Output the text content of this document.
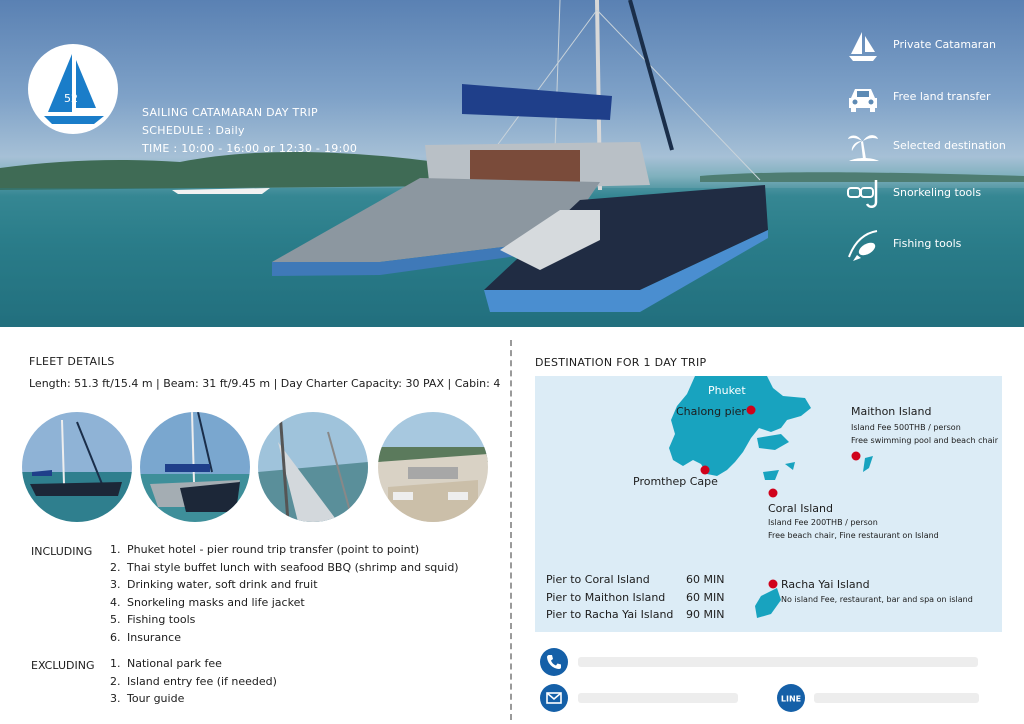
52
SAILING CATAMARAN DAY TRIP
SCHEDULE : Daily
TIME : 10:00 - 16:00 or 12:30 - 19:00
Private Catamaran
Free land transfer
Selected destination
Snorkeling tools
Fishing tools
FLEET DETAILS
Length: 51.3 ft/15.4 m | Beam: 31 ft/9.45 m | Day Charter Capacity: 30 PAX | Cabin: 4
INCLUDING 1. Phuket hotel - pier round trip transfer (point to point)
2. Thai style buffet lunch with seafood BBQ (shrimp and squid)
3. Drinking water, soft drink and fruit
4. Snorkeling masks and life jacket
5. Fishing tools
6. Insurance
EXCLUDING 1. National park fee
2. Island entry fee (if needed)
3. Tour guide
DESTINATION FOR 1 DAY TRIP
Phuket
Chalong pier
Promthep Cape
Maithon Island
Island Fee 500THB / person
Free swimming pool and beach chair
Coral Island
Island Fee 200THB / person
Free beach chair, Fine restaurant on Island
Racha Yai Island
No island Fee, restaurant, bar and spa on island
Pier to Coral Island	60 MIN
Pier to Maithon Island 60 MIN
Pier to Racha Yai Island 90 MIN
LINE
